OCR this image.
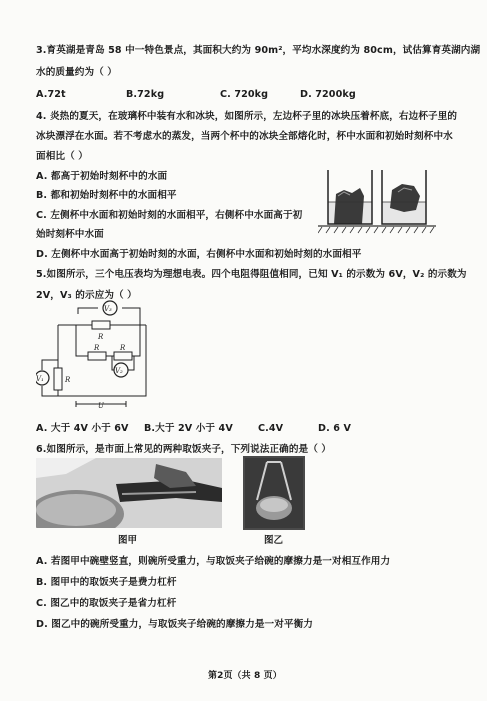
3.育英湖是青岛 58 中一特色景点，其面积大约为 90m²，平均水深度约为 80cm，试估算育英湖内湖
水的质量约为（ ）
A.72t	B.72kg	C. 720kg	D. 7200kg
4. 炎热的夏天，在玻璃杯中装有水和冰块，如图所示，左边杯子里的冰块压着杯底，右边杯子里的
冰块漂浮在水面。若不考虑水的蒸发，当两个杯中的冰块全部熔化时，杯中水面和初始时刻杯中水
面相比（ ）
A. 都高于初始时刻杯中的水面
B. 都和初始时刻杯中的水面相平
C. 左侧杯中水面和初始时刻的水面相平，右侧杯中水面高于初
始时刻杯中水面
D. 左侧杯中水面高于初始时刻的水面，右侧杯中水面和初始时刻的水面相平
5.如图所示，三个电压表均为理想电表。四个电阻得阻值相同，已知 V₁ 的示数为 6V，V₂ 的示数为
2V，V₃ 的示应为（ ）
V₃
V₂
V₁
R
R	R
R
U
A. 大于 4V 小于 6V B.大于 2V 小于 4V	C.4V	D. 6 V
6.如图所示，是市面上常见的两种取饭夹子，下列说法正确的是（ ）
图甲	图乙
A. 若图甲中碗壁竖直，则碗所受重力，与取饭夹子给碗的摩擦力是一对相互作用力
B. 图甲中的取饭夹子是费力杠杆
C. 图乙中的取饭夹子是省力杠杆
D. 图乙中的碗所受重力，与取饭夹子给碗的摩擦力是一对平衡力
第2页（共 8 页）
